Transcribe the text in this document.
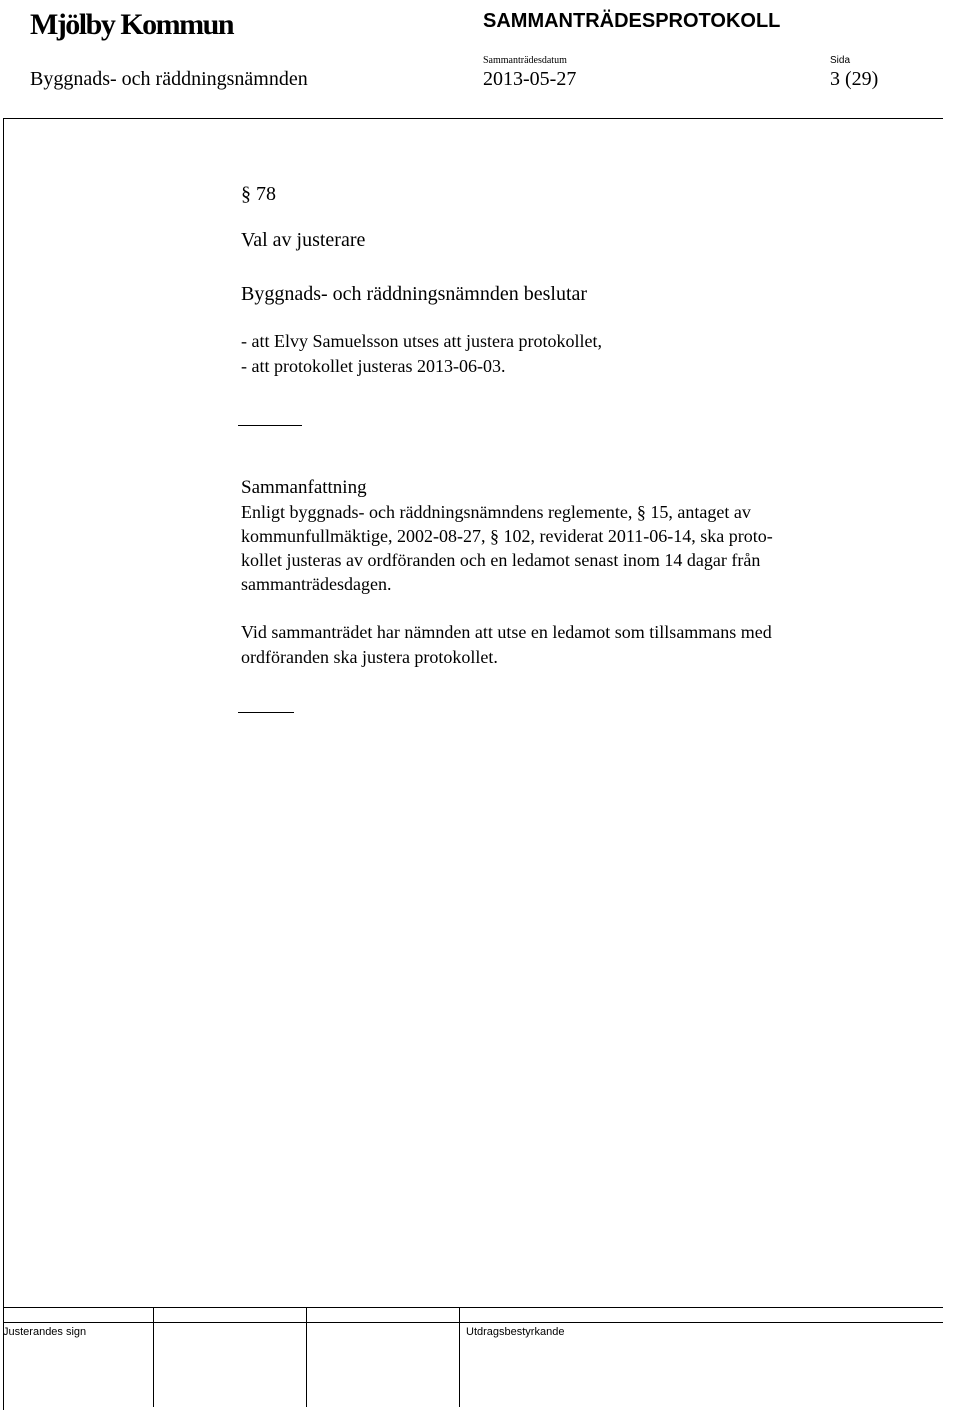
Mjölby Kommun	SAMMANTRÄDESPROTOKOLL
Byggnads- och räddningsnämnden
Sammanträdesdatum
2013-05-27
Sida
3 (29)
§ 78
Val av justerare
Byggnads- och räddningsnämnden beslutar
- att Elvy Samuelsson utses att justera protokollet,
- att protokollet justeras 2013-06-03.
Sammanfattning
Enligt byggnads- och räddningsnämndens reglemente, § 15, antaget av
kommunfullmäktige, 2002-08-27, § 102, reviderat 2011-06-14, ska proto-
kollet justeras av ordföranden och en ledamot senast inom 14 dagar från
sammanträdesdagen.
Vid sammanträdet har nämnden att utse en ledamot som tillsammans med
ordföranden ska justera protokollet.
Justerandes sign	Utdragsbestyrkande
